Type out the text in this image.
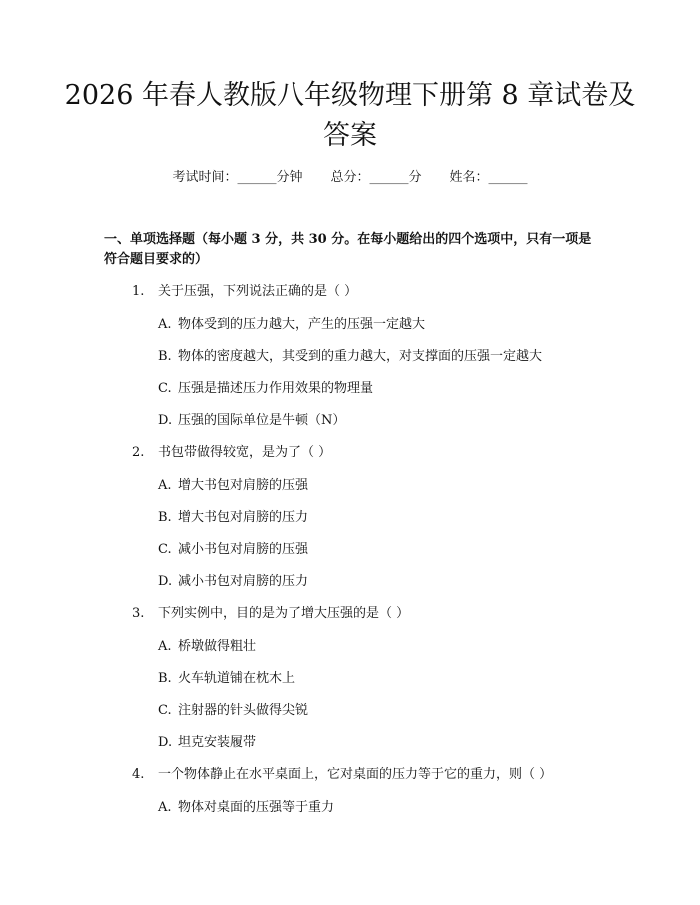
2026 年春人教版八年级物理下册第 8 章试卷及答案
考试时间：______分钟 总分：______分 姓名：______

一、单项选择题（每小题 3 分，共 30 分。在每小题给出的四个选项中，只有一项是符合题目要求的）

1. 关于压强，下列说法正确的是（ ）
A. 物体受到的压力越大，产生的压强一定越大
B. 物体的密度越大，其受到的重力越大，对支撑面的压强一定越大
C. 压强是描述压力作用效果的物理量
D. 压强的国际单位是牛顿（N）
2. 书包带做得较宽，是为了（ ）
A. 增大书包对肩膀的压强
B. 增大书包对肩膀的压力
C. 减小书包对肩膀的压强
D. 减小书包对肩膀的压力
3. 下列实例中，目的是为了增大压强的是（ ）
A. 桥墩做得粗壮
B. 火车轨道铺在枕木上
C. 注射器的针头做得尖锐
D. 坦克安装履带
4. 一个物体静止在水平桌面上，它对桌面的压力等于它的重力，则（ ）
A. 物体对桌面的压强等于重力
